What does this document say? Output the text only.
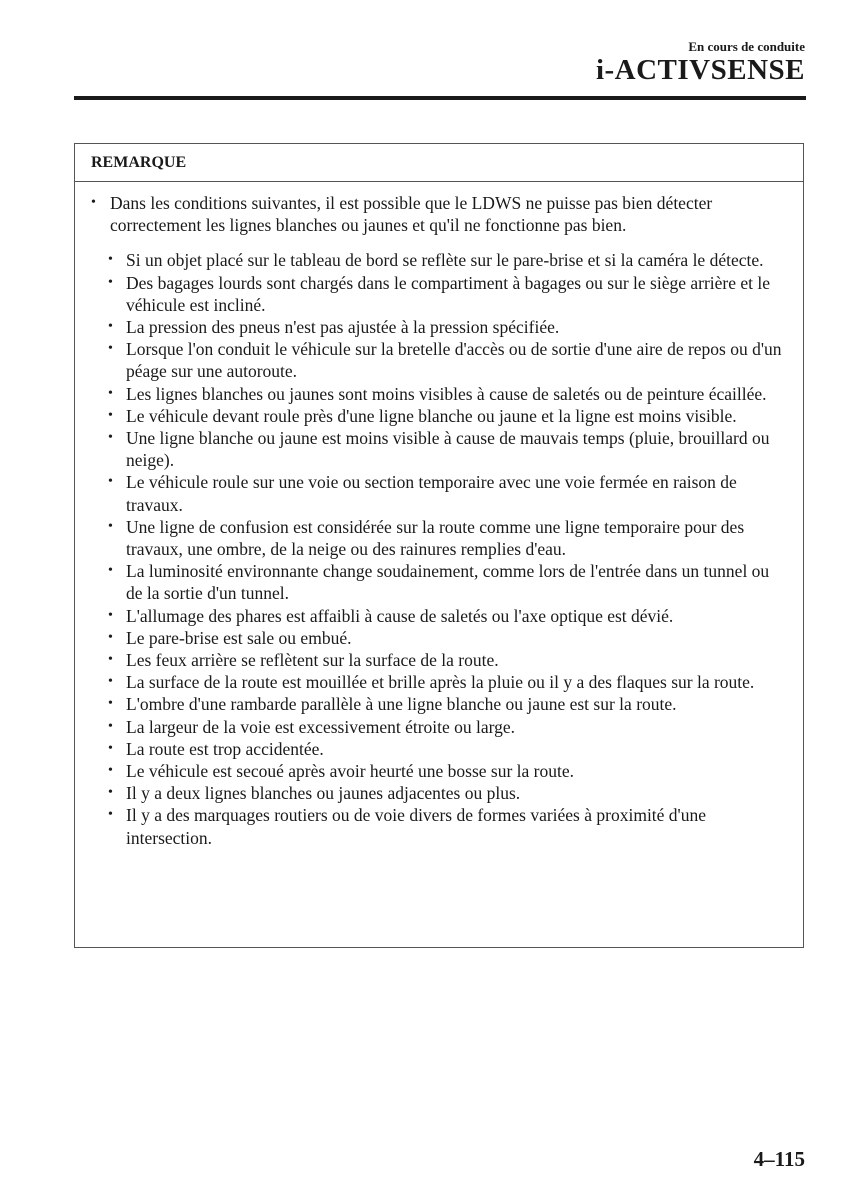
En cours de conduite
i-ACTIVSENSE
REMARQUE
• Dans les conditions suivantes, il est possible que le LDWS ne puisse pas bien détecter correctement les lignes blanches ou jaunes et qu'il ne fonctionne pas bien.
• Si un objet placé sur le tableau de bord se reflète sur le pare-brise et si la caméra le détecte.
• Des bagages lourds sont chargés dans le compartiment à bagages ou sur le siège arrière et le véhicule est incliné.
• La pression des pneus n'est pas ajustée à la pression spécifiée.
• Lorsque l'on conduit le véhicule sur la bretelle d'accès ou de sortie d'une aire de repos ou d'un péage sur une autoroute.
• Les lignes blanches ou jaunes sont moins visibles à cause de saletés ou de peinture écaillée.
• Le véhicule devant roule près d'une ligne blanche ou jaune et la ligne est moins visible.
• Une ligne blanche ou jaune est moins visible à cause de mauvais temps (pluie, brouillard ou neige).
• Le véhicule roule sur une voie ou section temporaire avec une voie fermée en raison de travaux.
• Une ligne de confusion est considérée sur la route comme une ligne temporaire pour des travaux, une ombre, de la neige ou des rainures remplies d'eau.
• La luminosité environnante change soudainement, comme lors de l'entrée dans un tunnel ou de la sortie d'un tunnel.
• L'allumage des phares est affaibli à cause de saletés ou l'axe optique est dévié.
• Le pare-brise est sale ou embué.
• Les feux arrière se reflètent sur la surface de la route.
• La surface de la route est mouillée et brille après la pluie ou il y a des flaques sur la route.
• L'ombre d'une rambarde parallèle à une ligne blanche ou jaune est sur la route.
• La largeur de la voie est excessivement étroite ou large.
• La route est trop accidentée.
• Le véhicule est secoué après avoir heurté une bosse sur la route.
• Il y a deux lignes blanches ou jaunes adjacentes ou plus.
• Il y a des marquages routiers ou de voie divers de formes variées à proximité d'une intersection.
4–115
